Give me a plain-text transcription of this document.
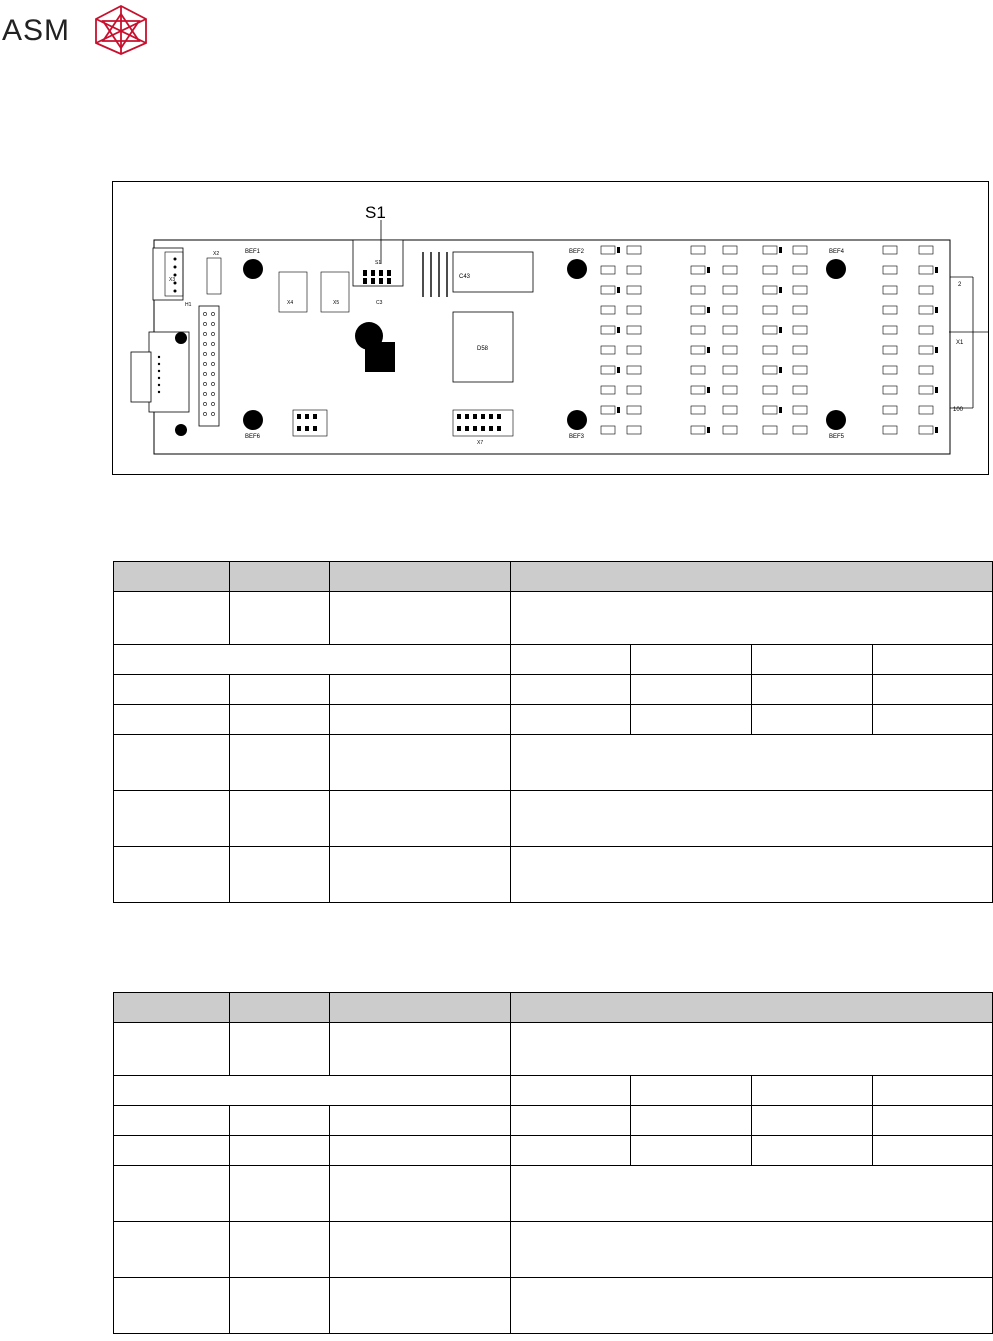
ASM
2
100
X1
BEF1	BEF2	BEF4
BEF6	BEF3	BEF5
X2
X3
X4	X5
S1
S1
N1
C3
C43
D58
X7
H1
